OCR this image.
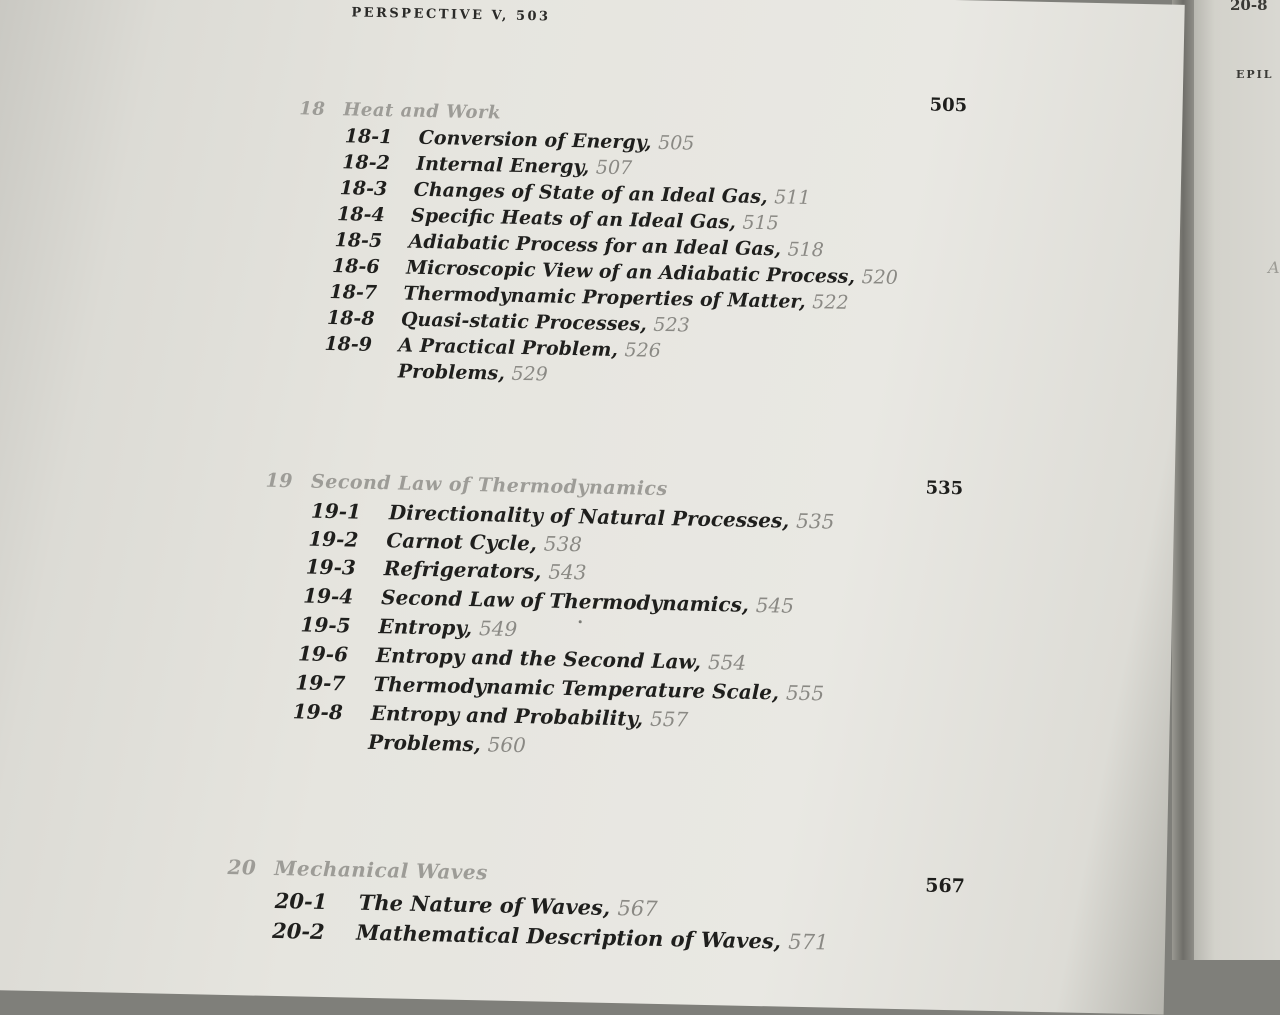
20-8
EPIL
A
PERSPECTIVE V, 503
18 Heat and Work	505
18-1 Conversion of Energy, 505
18-2 Internal Energy, 507
18-3 Changes of State of an Ideal Gas, 511
18-4 Specific Heats of an Ideal Gas, 515
18-5 Adiabatic Process for an Ideal Gas, 518
18-6 Microscopic View of an Adiabatic Process, 520
18-7 Thermodynamic Properties of Matter, 522
18-8 Quasi-static Processes, 523
18-9 A Practical Problem, 526
Problems, 529
19 Second Law of Thermodynamics	535
19-1 Directionality of Natural Processes, 535
19-2 Carnot Cycle, 538
19-3 Refrigerators, 543
19-4 Second Law of Thermodynamics, 545
19-5 Entropy, 549
19-6 Entropy and the Second Law, 554
19-7 Thermodynamic Temperature Scale, 555
19-8 Entropy and Probability, 557
Problems, 560
20 Mechanical Waves
567
20-1 The Nature of Waves, 567
20-2 Mathematical Description of Waves, 571
